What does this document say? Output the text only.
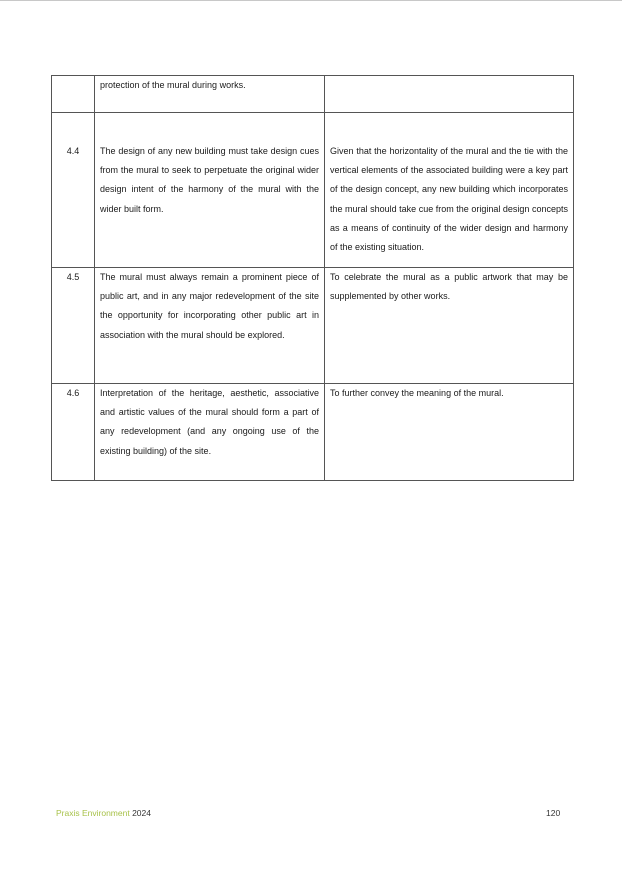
	protection of the mural during works.	
4.4	The design of any new building must take design cues from the mural to seek to perpetuate the original wider design intent of the harmony of the mural with the wider built form.	Given that the horizontality of the mural and the tie with the vertical elements of the associated building were a key part of the design concept, any new building which incorporates the mural should take cue from the original design concepts as a means of continuity of the wider design and harmony of the existing situation.
4.5	The mural must always remain a prominent piece of public art, and in any major redevelopment of the site the opportunity for incorporating other public art in association with the mural should be explored.	To celebrate the mural as a public artwork that may be supplemented by other works.
4.6	Interpretation of the heritage, aesthetic, associative and artistic values of the mural should form a part of any redevelopment (and any ongoing use of the existing building) of the site.	To further convey the meaning of the mural.
Praxis Environment 2024	120
